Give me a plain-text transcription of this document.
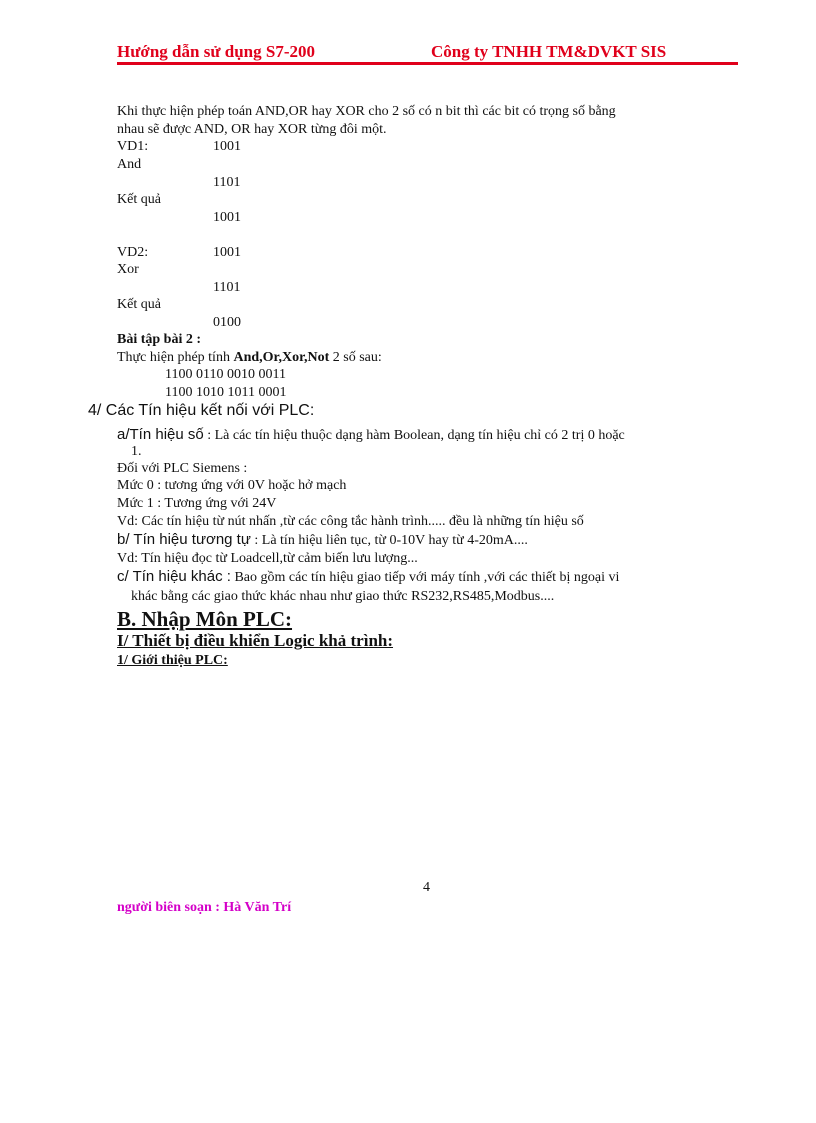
Hướng dẫn sử dụng S7-200	Công ty TNHH TM&DVKT SIS
Khi thực hiện phép toán AND,OR hay XOR cho 2 số có n bit thì các bit có trọng số bằng
nhau sẽ được AND, OR hay XOR từng đôi một.
VD1:	1001
And
1101
Kết quả
1001
VD2:	1001
Xor
1101
Kết quả
0100
Bài tập bài 2 :
Thực hiện phép tính And,Or,Xor,Not 2 số sau:
1100 0110 0010 0011
1100 1010 1011 0001
4/ Các Tín hiệu kết nối với PLC:
a/Tín hiệu số : Là các tín hiệu thuộc dạng hàm Boolean, dạng tín hiệu chỉ có 2 trị 0 hoặc
1.
Đối với PLC Siemens :
Mức 0 : tương ứng với 0V hoặc hở mạch
Mức 1 : Tương ứng với 24V
Vd: Các tín hiệu từ nút nhấn ,từ các công tắc hành trình..... đều là những tín hiệu số
b/ Tín hiệu tương tự : Là tín hiệu liên tục, từ 0-10V hay từ 4-20mA....
Vd: Tín hiệu đọc từ Loadcell,từ cảm biến lưu lượng...
c/ Tín hiệu khác : Bao gồm các tín hiệu giao tiếp với máy tính ,với các thiết bị ngoại vi
khác bằng các giao thức khác nhau như giao thức RS232,RS485,Modbus....
B. Nhập Môn PLC:
I/ Thiết bị điều khiển Logic khả trình:
1/ Giới thiệu PLC:
4
người biên soạn : Hà Văn Trí
